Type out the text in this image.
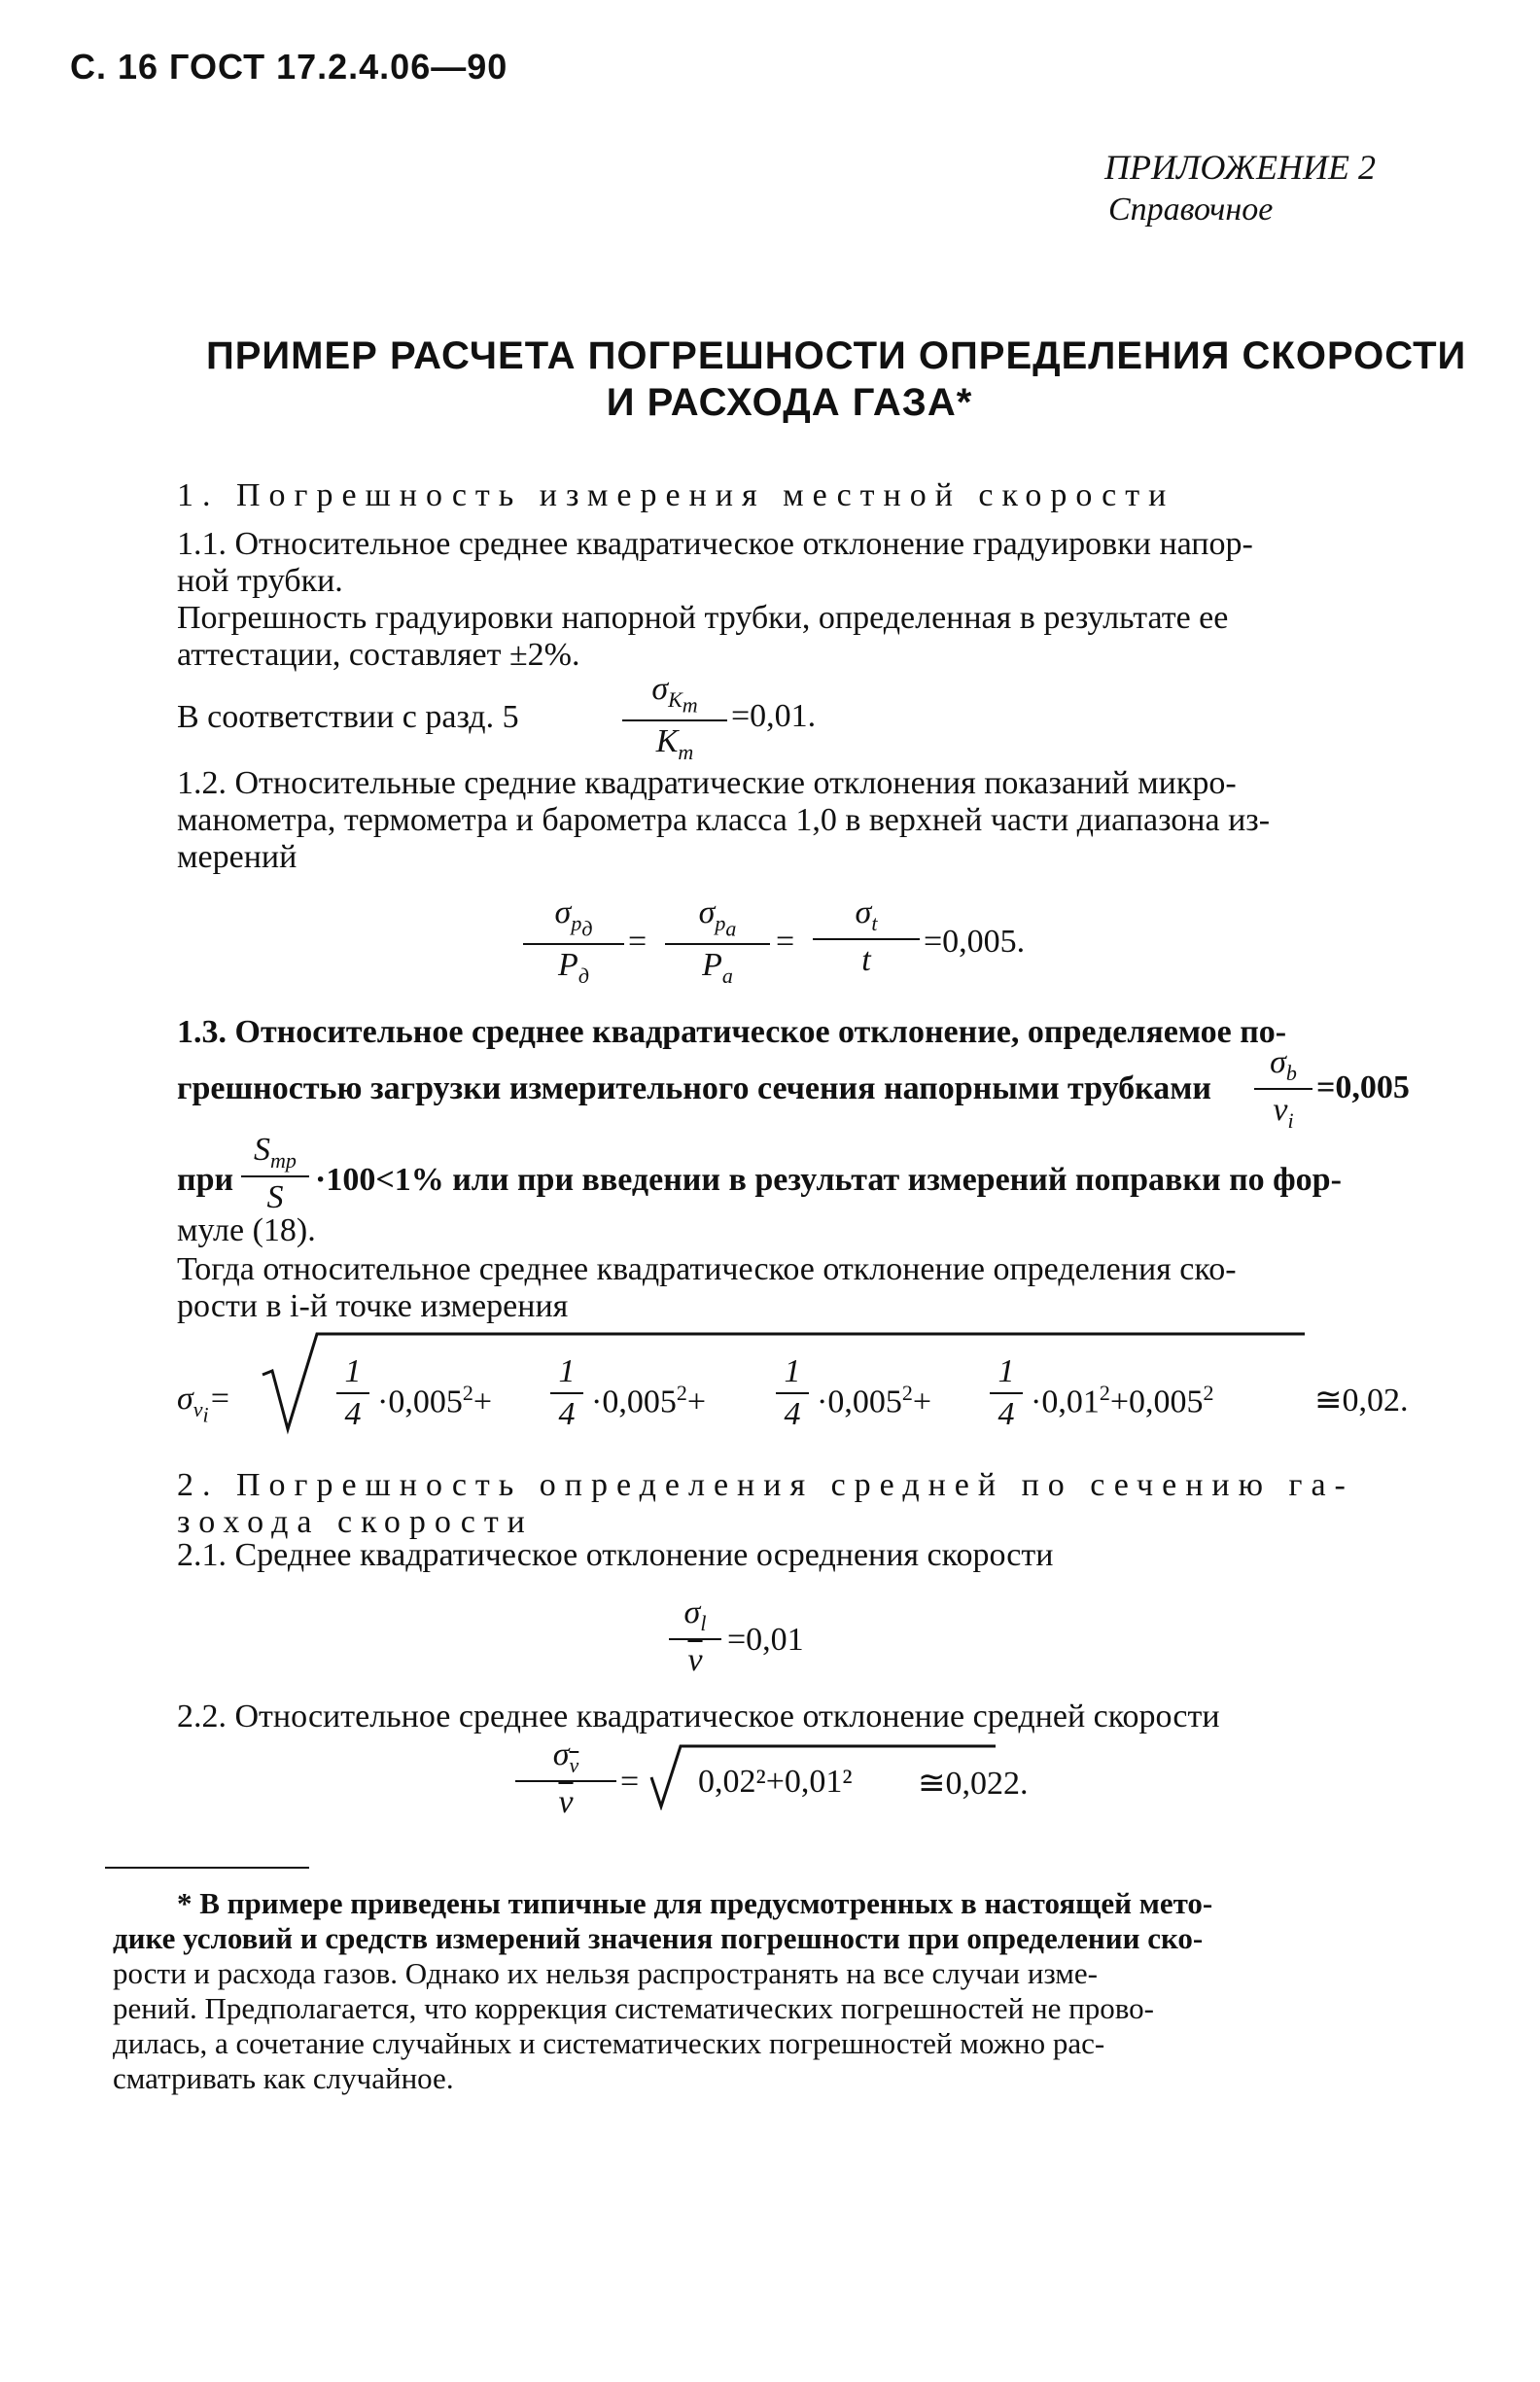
С. 16 ГОСТ 17.2.4.06—90
ПРИЛОЖЕНИЕ 2
Справочное
ПРИМЕР РАСЧЕТА ПОГРЕШНОСТИ ОПРЕДЕЛЕНИЯ СКОРОСТИ
И РАСХОДА ГАЗА*
1. Погрешность измерения местной скорости
1.1. Относительное среднее квадратическое отклонение градуировки напор-
ной трубки.
Погрешность градуировки напорной трубки, определенная в результате ее
аттестации, составляет ±2%.
В соответствии с разд. 5
$\sigma_{K_т}$
$K_т$
=0,01.
1.2. Относительные средние квадратические отклонения показаний микро-
манометра, термометра и барометра класса 1,0 в верхней части диапазона из-
мерений
$\sigma_{p_д}$
$P_д$
=
$\sigma_{p_а}$
$P_а$
=
$\sigma_t$
t
=0,005.
1.3. Относительное среднее квадратическое отклонение, определяемое по-
грешностью загрузки измерительного сечения напорными трубками
$\sigma_b$
$v_i$
=0,005
при
$S_{тр}$
S ·100<1% или при введении в результат измерений поправки по фор-
муле (18).
Тогда относительное среднее квадратическое отклонение определения ско-
рости в i-й точке измерения
$\sigma_{v_i}=$
1
$4 \cdot 0,005^2+$
1
$4 \cdot 0,005^2+$
1
$4 \cdot 0,005^2+$
1
$4 \cdot 0,01^2+0,005^2$	≅0,02.
2. Погрешность определения средней по сечению га-
зохода скорости
2.1. Среднее квадратическое отклонение осреднения скорости
$\frac{\sigma_l}{v} =0,01$
2.2. Относительное среднее квадратическое отклонение средней скорости
$\frac{\sigma_{\overline{v}}}{v} = 0,02^2+0,01^2$ ≅0,022.
* В примере приведены типичные для предусмотренных в настоящей мето-
дике условий и средств измерений значения погрешности при определении ско-
рости и расхода газов. Однако их нельзя распространять на все случаи изме-
рений. Предполагается, что коррекция систематических погрешностей не прово-
дилась, а сочетание случайных и систематических погрешностей можно рас-
сматривать как случайное.
